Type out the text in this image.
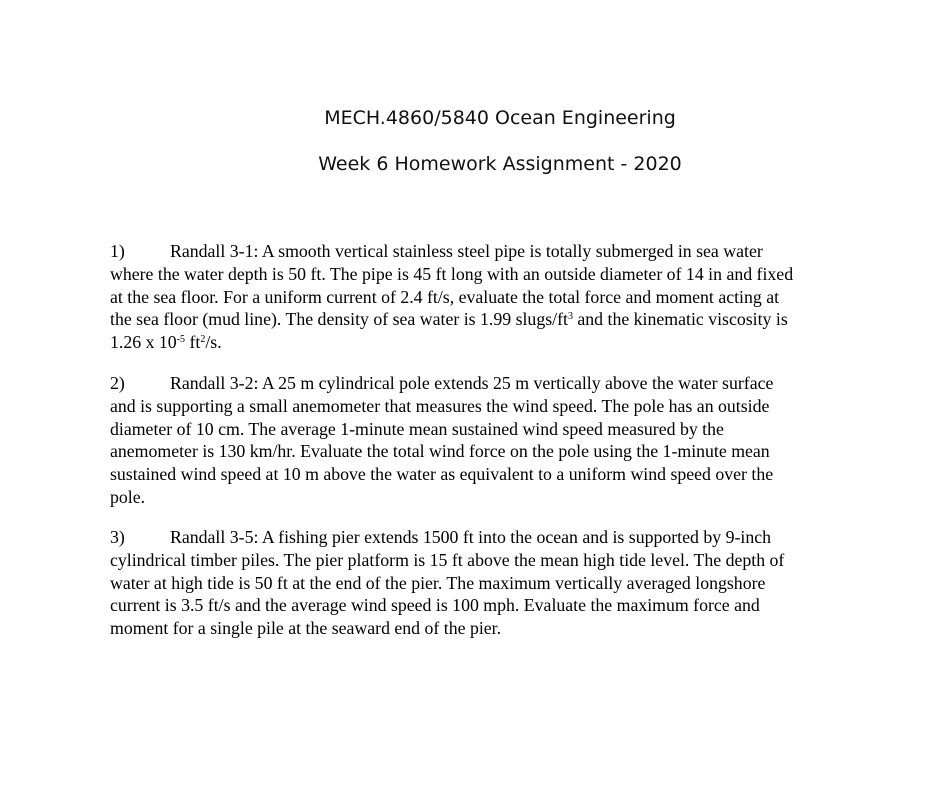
MECH.4860/5840 Ocean Engineering
Week 6 Homework Assignment - 2020
1)	Randall 3-1: A smooth vertical stainless steel pipe is totally submerged in sea water
where the water depth is 50 ft. The pipe is 45 ft long with an outside diameter of 14 in and fixed
at the sea floor. For a uniform current of 2.4 ft/s, evaluate the total force and moment acting at
the sea floor (mud line). The density of sea water is 1.99 slugs/$ft^3$ and the kinematic viscosity is
1.26 x $10^{-5}$ $ft^2/s$.
2)	Randall 3-2: A 25 m cylindrical pole extends 25 m vertically above the water surface
and is supporting a small anemometer that measures the wind speed. The pole has an outside
diameter of 10 cm. The average 1-minute mean sustained wind speed measured by the
anemometer is 130 km/hr. Evaluate the total wind force on the pole using the 1-minute mean
sustained wind speed at 10 m above the water as equivalent to a uniform wind speed over the
pole.
3)	Randall 3-5: A fishing pier extends 1500 ft into the ocean and is supported by 9-inch
cylindrical timber piles. The pier platform is 15 ft above the mean high tide level. The depth of
water at high tide is 50 ft at the end of the pier. The maximum vertically averaged longshore
current is 3.5 ft/s and the average wind speed is 100 mph. Evaluate the maximum force and
moment for a single pile at the seaward end of the pier.
